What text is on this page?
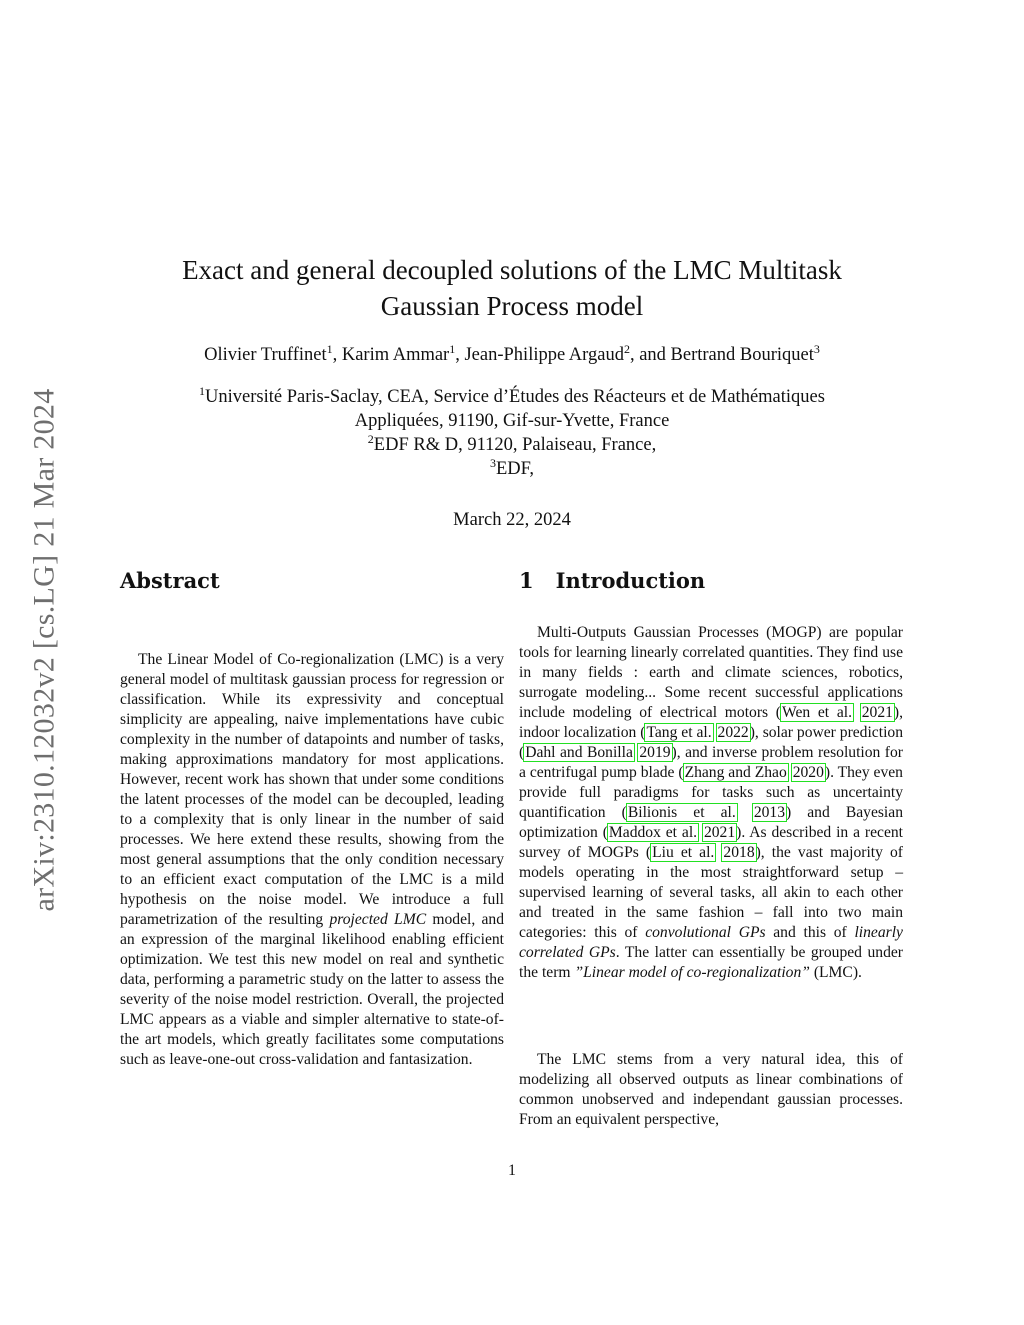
arXiv:2310.12032v2 [cs.LG] 21 Mar 2024
Exact and general decoupled solutions of the LMC Multitask
Gaussian Process model

Olivier Truffinet$^1$, Karim Ammar$^1$, Jean-Philippe Argaud$^2$, and Bertrand Bouriquet$^3$

$^1$Université Paris-Saclay, CEA, Service d’Études des Réacteurs et de Mathématiques
Appliquées, 91190, Gif-sur-Yvette, France
$^2$EDF R& D, 91120, Palaiseau, France,
$^3$EDF,

March 22, 2024

Abstract	1 Introduction

The Linear Model of Co-regionalization (LMC) is a very general model of multitask gaussian process for regression or classification. While its expressivity and conceptual simplicity are appealing, naive implementations have cubic complexity in the number of datapoints and number of tasks, making approximations mandatory for most applications. However, recent work has shown that under some conditions the latent processes of the model can be decoupled, leading to a complexity that is only linear in the number of said processes. We here extend these results, showing from the most general assumptions that the only condition necessary to an efficient exact computation of the LMC is a mild hypothesis on the noise model. We introduce a full parametrization of the resulting projected LMC model, and an expression of the marginal likelihood enabling efficient optimization. We test this new model on real and synthetic data, performing a parametric study on the latter to assess the severity of the noise model restriction. Overall, the projected LMC appears as a viable and simpler alternative to state-of-the art models, which greatly facilitates some computations such as leave-one-out cross-validation and fantasization.

Multi-Outputs Gaussian Processes (MOGP) are popular tools for learning linearly correlated quantities. They find use in many fields : earth and climate sciences, robotics, surrogate modeling... Some recent successful applications include modeling of electrical motors (Wen et al. 2021), indoor localization (Tang et al. 2022), solar power prediction (Dahl and Bonilla 2019), and inverse problem resolution for a centrifugal pump blade (Zhang and Zhao 2020). They even provide full paradigms for tasks such as uncertainty quantification (Bilionis et al. 2013) and Bayesian optimization (Maddox et al. 2021). As described in a recent survey of MOGPs (Liu et al. 2018), the vast majority of models operating in the most straightforward setup – supervised learning of several tasks, all akin to each other and treated in the same fashion – fall into two main categories: this of convolutional GPs and this of linearly correlated GPs. The latter can essentially be grouped under the term ”Linear model of co-regionalization” (LMC).

The LMC stems from a very natural idea, this of modelizing all observed outputs as linear combinations of common unobserved and independant gaussian processes. From an equivalent perspective,

1
